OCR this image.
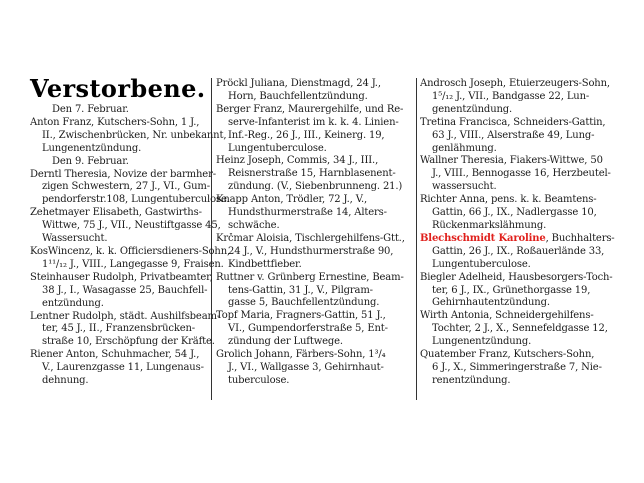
Verstorbene.
Den 7. Februar.
Anton Franz, Kutschers-Sohn, 1 J.,
II., Zwischenbrücken, Nr. unbekannt,
Lungenentzündung.
Den 9. Februar.
Derntl Theresia, Novize der barmher-
zigen Schwestern, 27 J., VI., Gum-
pendorferstr.108, Lungentuberculose.
Zehetmayer Elisabeth, Gastwirths-
Wittwe, 75 J., VII., Neustiftgasse 45,
Wassersucht.
KosWincenz, k. k. Officiersdieners-Sohn,
1¹¹/₁₂ J., VIII., Langegasse 9, Fraisen.
Steinhauser Rudolph, Privatbeamter,
38 J., I., Wasagasse 25, Bauchfell-
entzündung.
Lentner Rudolph, städt. Aushilfsbeam-
ter, 45 J., II., Franzensbrücken-
straße 10, Erschöpfung der Kräfte.
Riener Anton, Schuhmacher, 54 J.,
V., Laurenzgasse 11, Lungenaus-
dehnung.
Pröckl Juliana, Dienstmagd, 24 J.,
Horn, Bauchfellentzündung.
Berger Franz, Maurergehilfe, und Re-
serve-Infanterist im k. k. 4. Linien-
Inf.-Reg., 26 J., III., Keinerg. 19,
Lungentuberculose.
Heinz Joseph, Commis, 34 J., III.,
Reisnerstraße 15, Harnblasenent-
zündung. (V., Siebenbrunneng. 21.)
Knapp Anton, Trödler, 72 J., V.,
Hundsthurmerstraße 14, Alters-
schwäche.
Krčmar Aloisia, Tischlergehilfens-Gtt.,
24 J., V., Hundsthurmerstraße 90,
Kindbettfieber.
Ruttner v. Grünberg Ernestine, Beam-
tens-Gattin, 31 J., V., Pilgram-
gasse 5, Bauchfellentzündung.
Topf Maria, Fragners-Gattin, 51 J.,
VI., Gumpendorferstraße 5, Ent-
zündung der Luftwege.
Grolich Johann, Färbers-Sohn, 1³/₄
J., VI., Wallgasse 3, Gehirnhaut-
tuberculose.
Androsch Joseph, Etuierzeugers-Sohn,
1⁵/₁₂ J., VII., Bandgasse 22, Lun-
genentzündung.
Tretina Francisca, Schneiders-Gattin,
63 J., VIII., Alserstraße 49, Lung-
genlähmung.
Wallner Theresia, Fiakers-Wittwe, 50
J., VIII., Bennogasse 16, Herzbeutel-
wassersucht.
Richter Anna, pens. k. k. Beamtens-
Gattin, 66 J., IX., Nadlergasse 10,
Rückenmarkslähmung.
Blechschmidt Karoline, Buchhalters-
Gattin, 26 J., IX., Roßauerlände 33,
Lungentuberculose.
Biegler Adelheid, Hausbesorgers-Toch-
ter, 6 J., IX., Grünethorgasse 19,
Gehirnhautentzündung.
Wirth Antonia, Schneidergehilfens-
Tochter, 2 J., X., Sennefeldgasse 12,
Lungenentzündung.
Quatember Franz, Kutschers-Sohn,
6 J., X., Simmeringerstraße 7, Nie-
renentzündung.
